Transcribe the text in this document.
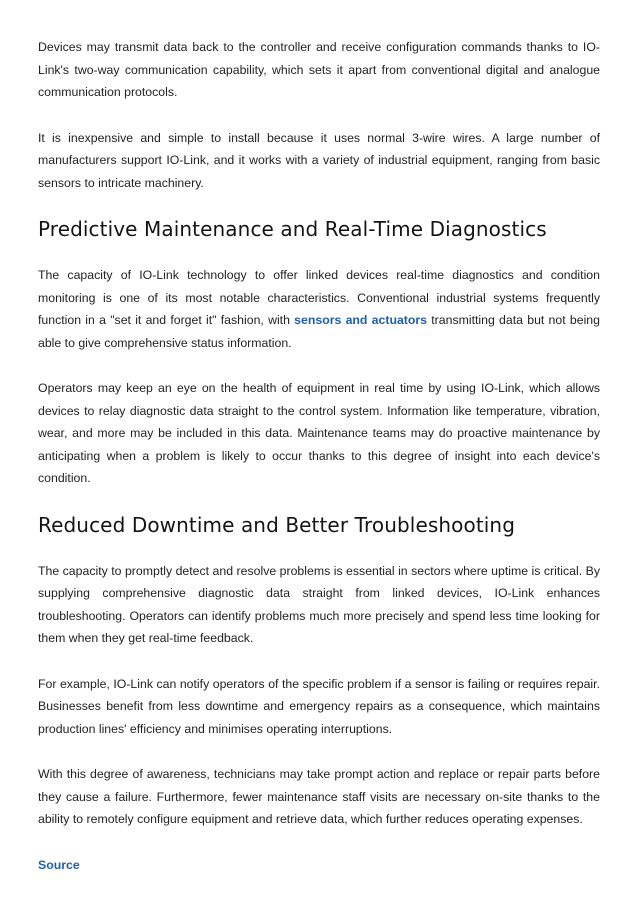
Devices may transmit data back to the controller and receive configuration commands thanks to IO-Link's two-way communication capability, which sets it apart from conventional digital and analogue communication protocols.

It is inexpensive and simple to install because it uses normal 3-wire wires. A large number of manufacturers support IO-Link, and it works with a variety of industrial equipment, ranging from basic sensors to intricate machinery.

Predictive Maintenance and Real-Time Diagnostics

The capacity of IO-Link technology to offer linked devices real-time diagnostics and condition monitoring is one of its most notable characteristics. Conventional industrial systems frequently function in a "set it and forget it" fashion, with sensors and actuators transmitting data but not being able to give comprehensive status information.

Operators may keep an eye on the health of equipment in real time by using IO-Link, which allows devices to relay diagnostic data straight to the control system. Information like temperature, vibration, wear, and more may be included in this data. Maintenance teams may do proactive maintenance by anticipating when a problem is likely to occur thanks to this degree of insight into each device's condition.

Reduced Downtime and Better Troubleshooting

The capacity to promptly detect and resolve problems is essential in sectors where uptime is critical. By supplying comprehensive diagnostic data straight from linked devices, IO-Link enhances troubleshooting. Operators can identify problems much more precisely and spend less time looking for them when they get real-time feedback.

For example, IO-Link can notify operators of the specific problem if a sensor is failing or requires repair. Businesses benefit from less downtime and emergency repairs as a consequence, which maintains production lines' efficiency and minimises operating interruptions.

With this degree of awareness, technicians may take prompt action and replace or repair parts before they cause a failure. Furthermore, fewer maintenance staff visits are necessary on-site thanks to the ability to remotely configure equipment and retrieve data, which further reduces operating expenses.

Source
